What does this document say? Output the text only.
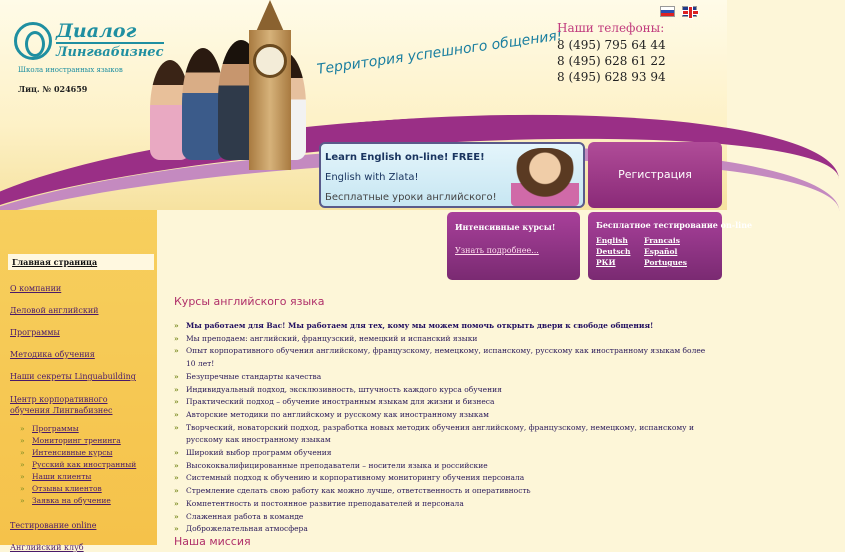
Диалог
Лингвабизнес
Школа иностранных языков
Лиц. № 024659
Территория успешного общения!
Наши телефоны:
8 (495) 795 64 44
8 (495) 628 61 22
8 (495) 628 93 94
Learn English on-line! FREE!
English with Zlata!
Бесплатные уроки английского!
Регистрация
Главная страница
О компании
Деловой английский
Программы
Методика обучения
Наши секреты Linguabuilding
Центр корпоративного обучения Лингвабизнес
» Программы
» Мониторинг тренинга
» Интенсивные курсы
» Русский как иностранный
» Наши клиенты
» Отзывы клиентов
» Заявка на обучение
Тестирование online
Английский клуб
Интенсивные курсы!
Узнать подробнее...
Бесплатное тестирование on-line
English	Francais
Deutsch	Español
РКИ	Portugues
Курсы английского языка
» Мы работаем для Вас! Мы работаем для тех, кому мы можем помочь открыть двери к свободе общения!
» Мы преподаем: английский, французский, немецкий и испанский языки
» Опыт корпоративного обучения английскому, французскому, немецкому, испанскому, русскому как иностранному языкам более 10 лет!
» Безупречные стандарты качества
» Индивидуальный подход, эксклюзивность, штучность каждого курса обучения
» Практический подход – обучение иностранным языкам для жизни и бизнеса
» Авторские методики по английскому и русскому как иностранному языкам
» Творческий, новаторский подход, разработка новых методик обучения английскому, французскому, немецкому, испанскому и русскому как иностранному языкам
» Широкий выбор программ обучения
» Высококвалифицированные преподаватели – носители языка и российские
» Системный подход к обучению и корпоративному мониторингу обучения персонала
» Стремление сделать свою работу как можно лучше, ответственность и оперативность
» Компетентность и постоянное развитие преподавателей и персонала
» Слаженная работа в команде
» Доброжелательная атмосфера
Наша миссия
